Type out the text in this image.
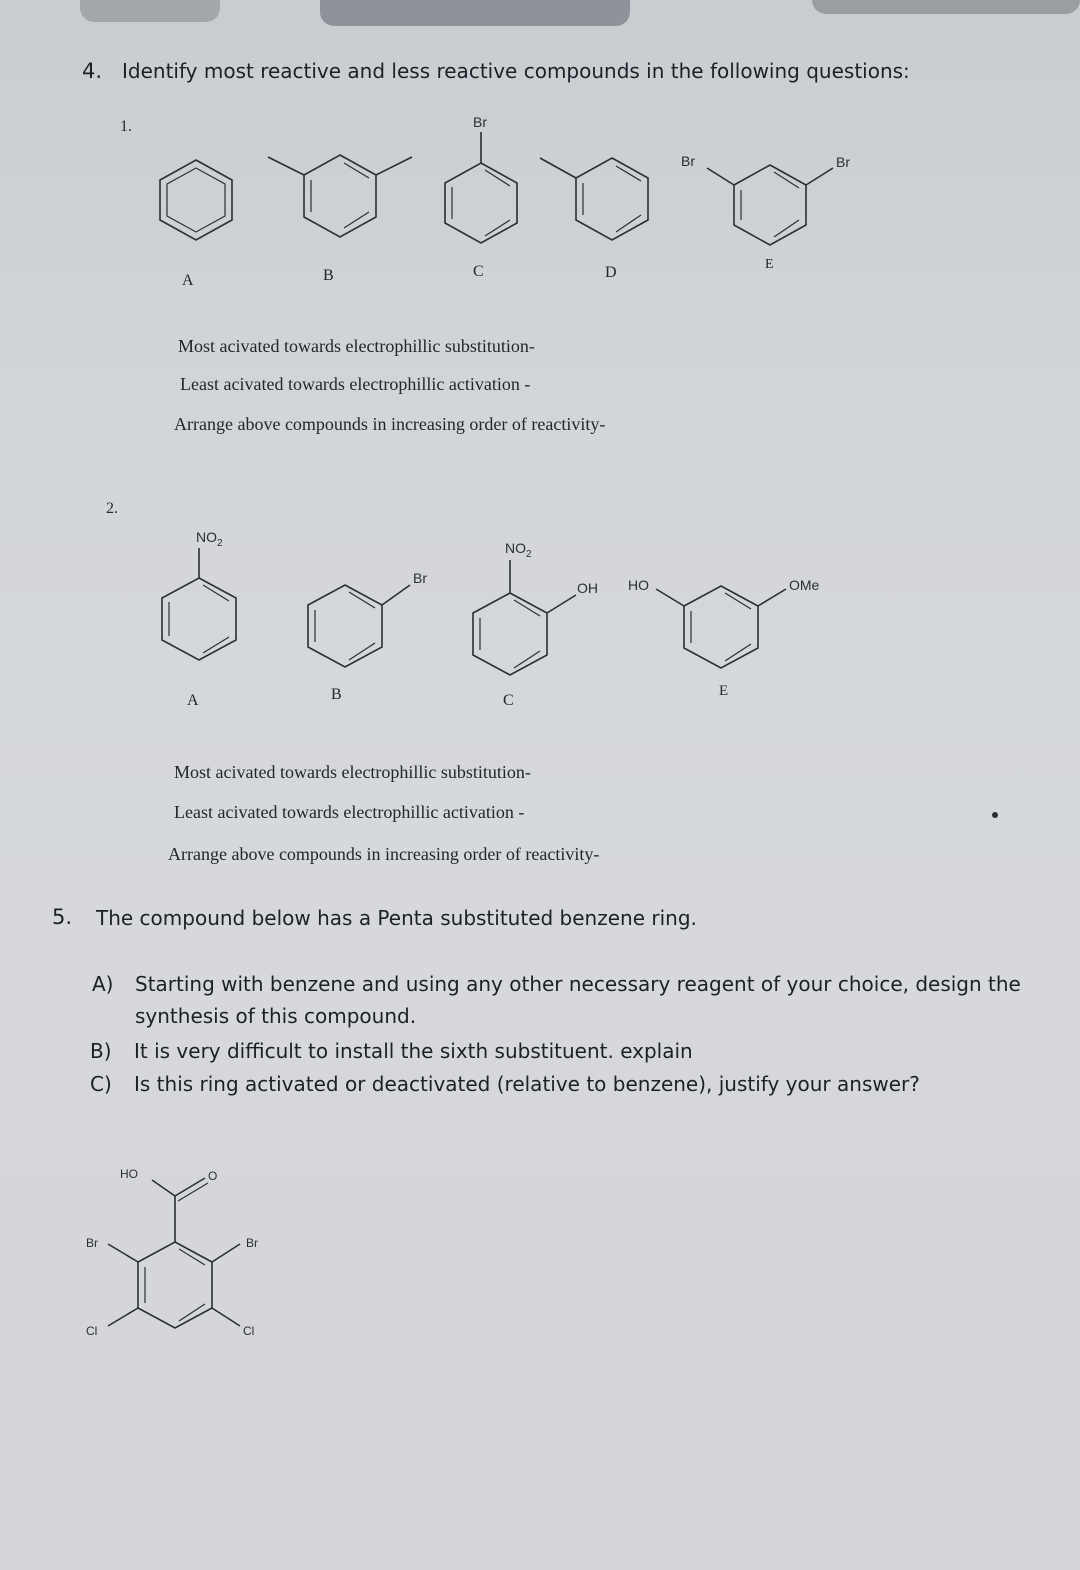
4. Identify most reactive and less reactive compounds in the following questions:
1.	Br
Br	Br
$NO_2$
Br
$NO_2$
OH HO	OMe
HO	O
Br	Br
Cl	Cl
A	B	C	D	E
Most acivated towards electrophillic substitution-
Least acivated towards electrophillic activation -
Arrange above compounds in increasing order of reactivity-
2.
A	B	C
E
Most acivated towards electrophillic substitution-
Least acivated towards electrophillic activation -
Arrange above compounds in increasing order of reactivity-
5. The compound below has a Penta substituted benzene ring.
A) Starting with benzene and using any other necessary reagent of your choice, design the
synthesis of this compound.
B) It is very difficult to install the sixth substituent. explain
C) Is this ring activated or deactivated (relative to benzene), justify your answer?
